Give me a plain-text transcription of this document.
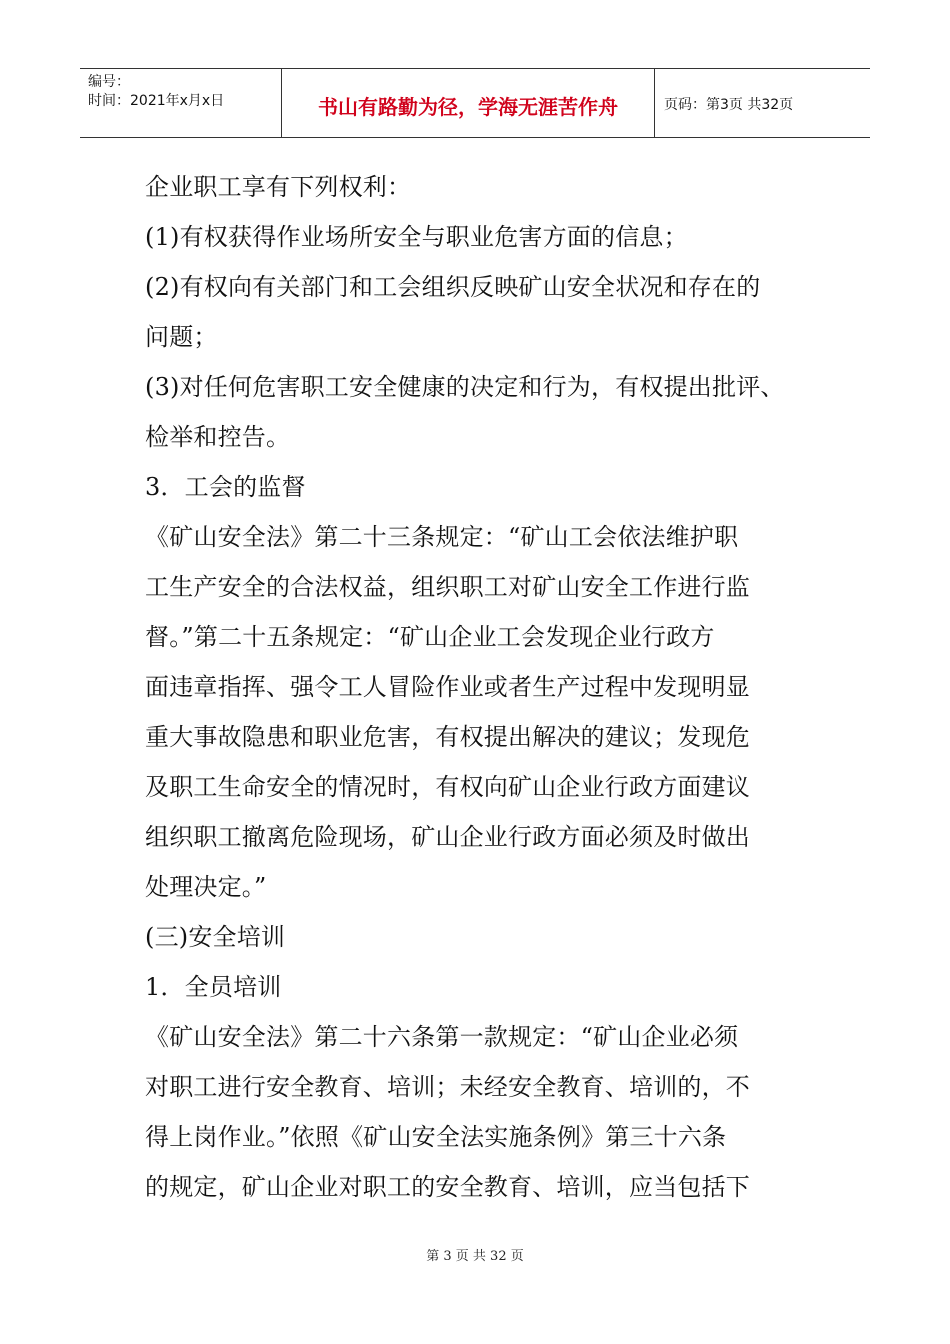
编号：
时间：2021年x月x日	书山有路勤为径，学海无涯苦作舟	页码：第3页 共32页

企业职工享有下列权利：

(1)有权获得作业场所安全与职业危害方面的信息；

(2)有权向有关部门和工会组织反映矿山安全状况和存在的

问题；

(3)对任何危害职工安全健康的决定和行为，有权提出批评、

检举和控告。

3．工会的监督

《矿山安全法》第二十三条规定：“矿山工会依法维护职

工生产安全的合法权益，组织职工对矿山安全工作进行监

督。”第二十五条规定：“矿山企业工会发现企业行政方

面违章指挥、强令工人冒险作业或者生产过程中发现明显

重大事故隐患和职业危害，有权提出解决的建议；发现危

及职工生命安全的情况时，有权向矿山企业行政方面建议

组织职工撤离危险现场，矿山企业行政方面必须及时做出

处理决定。”

(三)安全培训

1．全员培训

《矿山安全法》第二十六条第一款规定：“矿山企业必须

对职工进行安全教育、培训；未经安全教育、培训的，不

得上岗作业。”依照《矿山安全法实施条例》第三十六条

的规定，矿山企业对职工的安全教育、培训，应当包括下

第 3 页 共 32 页
